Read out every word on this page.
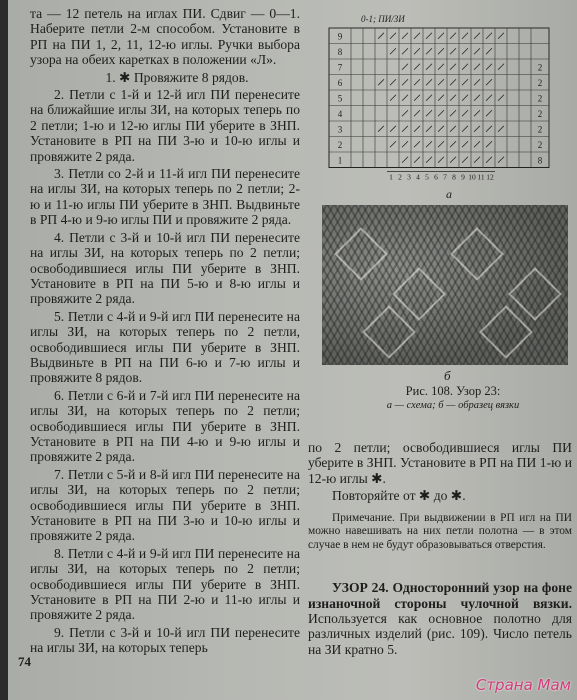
та — 12 петель на иглах ПИ. Сдвиг — 0—1. Наберите петли 2-м способом. Установите в РП на ПИ 1, 2, 11, 12-ю иглы. Ручки выбора узора на обеих каретках в положении «Л».

1. ✱ Провяжите 8 рядов.

2. Петли с 1-й и 12-й игл ПИ перенесите на ближайшие иглы ЗИ, на которых теперь по 2 петли; 1-ю и 12-ю иглы ПИ уберите в ЗНП. Установите в РП на ПИ 3-ю и 10-ю иглы и провяжите 2 ряда.

3. Петли со 2-й и 11-й игл ПИ перенесите на иглы ЗИ, на которых теперь по 2 петли; 2-ю и 11-ю иглы ПИ уберите в ЗНП. Выдвиньте в РП 4-ю и 9-ю иглы ПИ и провяжите 2 ряда.

4. Петли с 3-й и 10-й игл ПИ перенесите на иглы ЗИ, на которых теперь по 2 петли; освободившиеся иглы ПИ уберите в ЗНП. Установите в РП на ПИ 5-ю и 8-ю иглы и провяжите 2 ряда.

5. Петли с 4-й и 9-й игл ПИ перенесите на иглы ЗИ, на которых теперь по 2 петли, освободившиеся иглы ПИ уберите в ЗНП. Выдвиньте в РП на ПИ 6-ю и 7-ю иглы и провяжите 8 рядов.

6. Петли с 6-й и 7-й игл ПИ перенесите на иглы ЗИ, на которых теперь по 2 петли; освободившиеся иглы ПИ уберите в ЗНП. Установите в РП на ПИ 4-ю и 9-ю иглы и провяжите 2 ряда.

7. Петли с 5-й и 8-й игл ПИ перенесите на иглы ЗИ, на которых теперь по 2 петли; освободившиеся иглы ПИ уберите в ЗНП. Установите в РП на ПИ 3-ю и 10-ю иглы и провяжите 2 ряда.

8. Петли с 4-й и 9-й игл ПИ перенесите на иглы ЗИ, на которых теперь по 2 петли; освободившиеся иглы ПИ уберите в ЗНП. Установите в РП на ПИ 2-ю и 11-ю иглы и провяжите 2 ряда.

9. Петли с 3-й и 10-й игл ПИ перенесите на иглы ЗИ, на которых теперь

74
9
8
7
6
5
4
3
2
1
2
2
2
2
2
2
8
0-1; ПИ/ЗИ
1 2 3 4 5 6 7 8 9 10 11 12
а
б
Рис. 108. Узор 23:
а — схема; б — образец вязки

по 2 петли; освободившиеся иглы ПИ уберите в ЗНП. Установите в РП на ПИ 1-ю и 12-ю иглы ✱.

Повторяйте от ✱ до ✱.

Примечание. При выдвижении в РП игл на ПИ можно навешивать на них петли полотна — в этом случае в нем не будут образовываться отверстия.

УЗОР 24. Односторонний узор на фоне изнаночной стороны чулочной вязки. Используется как основное полотно для различных изделий (рис. 109). Число петель на ЗИ кратно 5.

Страна Мам
